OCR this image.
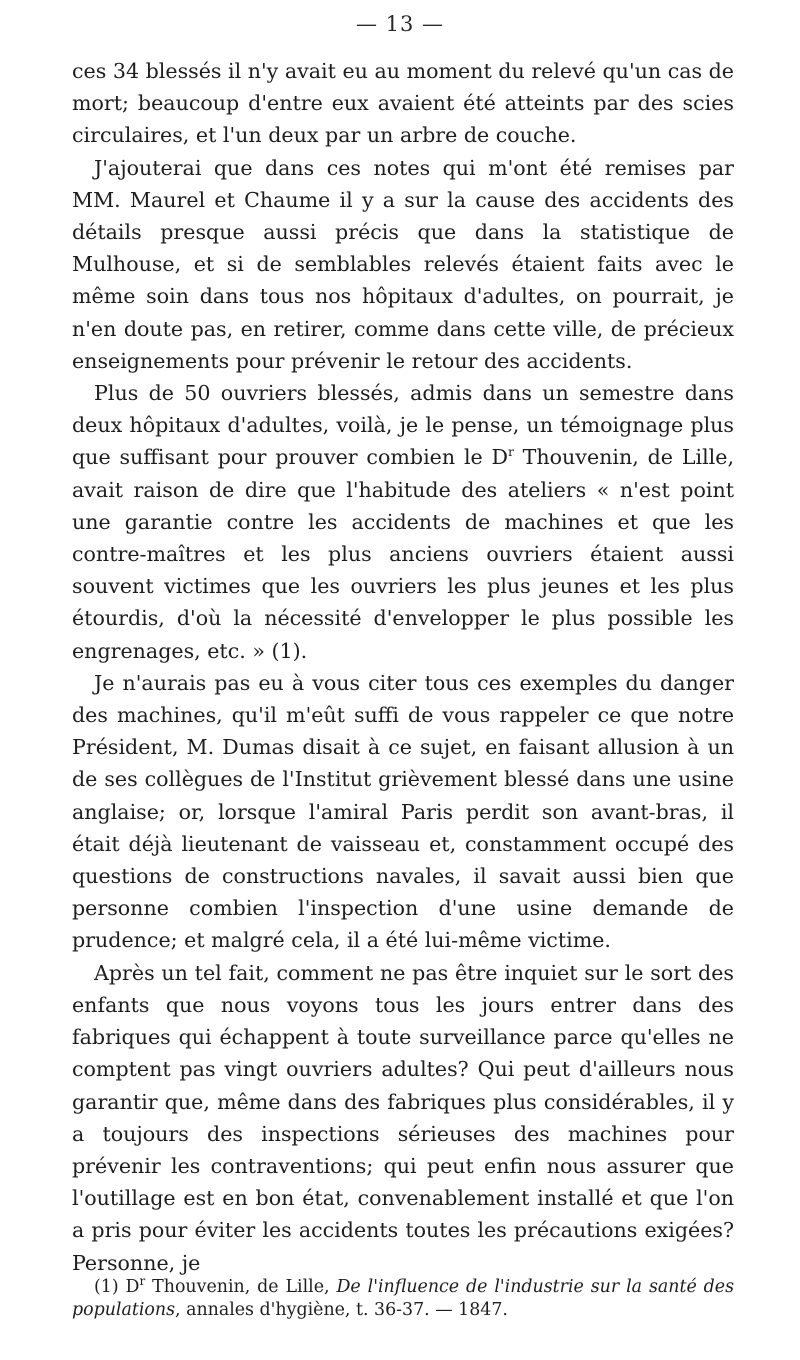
— 13 —

ces 34 blessés il n'y avait eu au moment du relevé qu'un cas de mort; beaucoup d'entre eux avaient été atteints par des scies circulaires, et l'un deux par un arbre de couche.

J'ajouterai que dans ces notes qui m'ont été remises par MM. Maurel et Chaume il y a sur la cause des accidents des détails presque aussi précis que dans la statistique de Mulhouse, et si de semblables relevés étaient faits avec le même soin dans tous nos hôpitaux d'adultes, on pourrait, je n'en doute pas, en retirer, comme dans cette ville, de précieux enseignements pour prévenir le retour des accidents.

Plus de 50 ouvriers blessés, admis dans un semestre dans deux hôpitaux d'adultes, voilà, je le pense, un témoignage plus que suffisant pour prouver combien le $D^r$ Thouvenin, de Lille, avait raison de dire que l'habitude des ateliers « n'est point une garantie contre les accidents de machines et que les contre-maîtres et les plus anciens ouvriers étaient aussi souvent victimes que les ouvriers les plus jeunes et les plus étourdis, d'où la nécessité d'envelopper le plus possible les engrenages, etc. » (1).

Je n'aurais pas eu à vous citer tous ces exemples du danger des machines, qu'il m'eût suffi de vous rappeler ce que notre Président, M. Dumas disait à ce sujet, en faisant allusion à un de ses collègues de l'Institut grièvement blessé dans une usine anglaise; or, lorsque l'amiral Paris perdit son avant-bras, il était déjà lieutenant de vaisseau et, constamment occupé des questions de constructions navales, il savait aussi bien que personne combien l'inspection d'une usine demande de prudence; et malgré cela, il a été lui-même victime.

Après un tel fait, comment ne pas être inquiet sur le sort des enfants que nous voyons tous les jours entrer dans des fabriques qui échappent à toute surveillance parce qu'elles ne comptent pas vingt ouvriers adultes? Qui peut d'ailleurs nous garantir que, même dans des fabriques plus considérables, il y a toujours des inspections sérieuses des machines pour prévenir les contraventions; qui peut enfin nous assurer que l'outillage est en bon état, convenablement installé et que l'on a pris pour éviter les accidents toutes les précautions exigées? Personne, je

(1) $D^r$ Thouvenin, de Lille, De l'influence de l'industrie sur la santé des populations, annales d'hygiène, t. 36-37. — 1847.
